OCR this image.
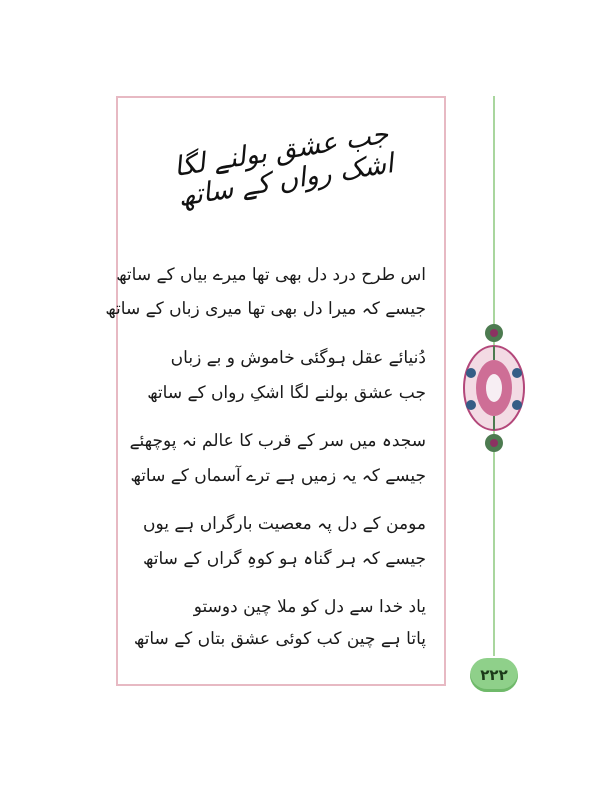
جب عشق بولنے لگا اشک رواں کے ساتھ
اس طرح درد دل بھی تھا میرے بیاں کے ساتھ
جیسے کہ میرا دل بھی تھا میری زباں کے ساتھ
دُنیائے عقل ہوگئی خاموش و بے زباں
جب عشق بولنے لگا اشکِ رواں کے ساتھ
سجدہ میں سر کے قرب کا عالم نہ پوچھئے
جیسے کہ یہ زمیں ہے ترے آسماں کے ساتھ
مومن کے دل پہ معصیت بارگراں ہے یوں
جیسے کہ ہر گناہ ہو کوہِ گراں کے ساتھ
یاد خدا سے دل کو ملا چین دوستو
پاتا ہے چین کب کوئی عشق بتاں کے ساتھ
۲۲۲
